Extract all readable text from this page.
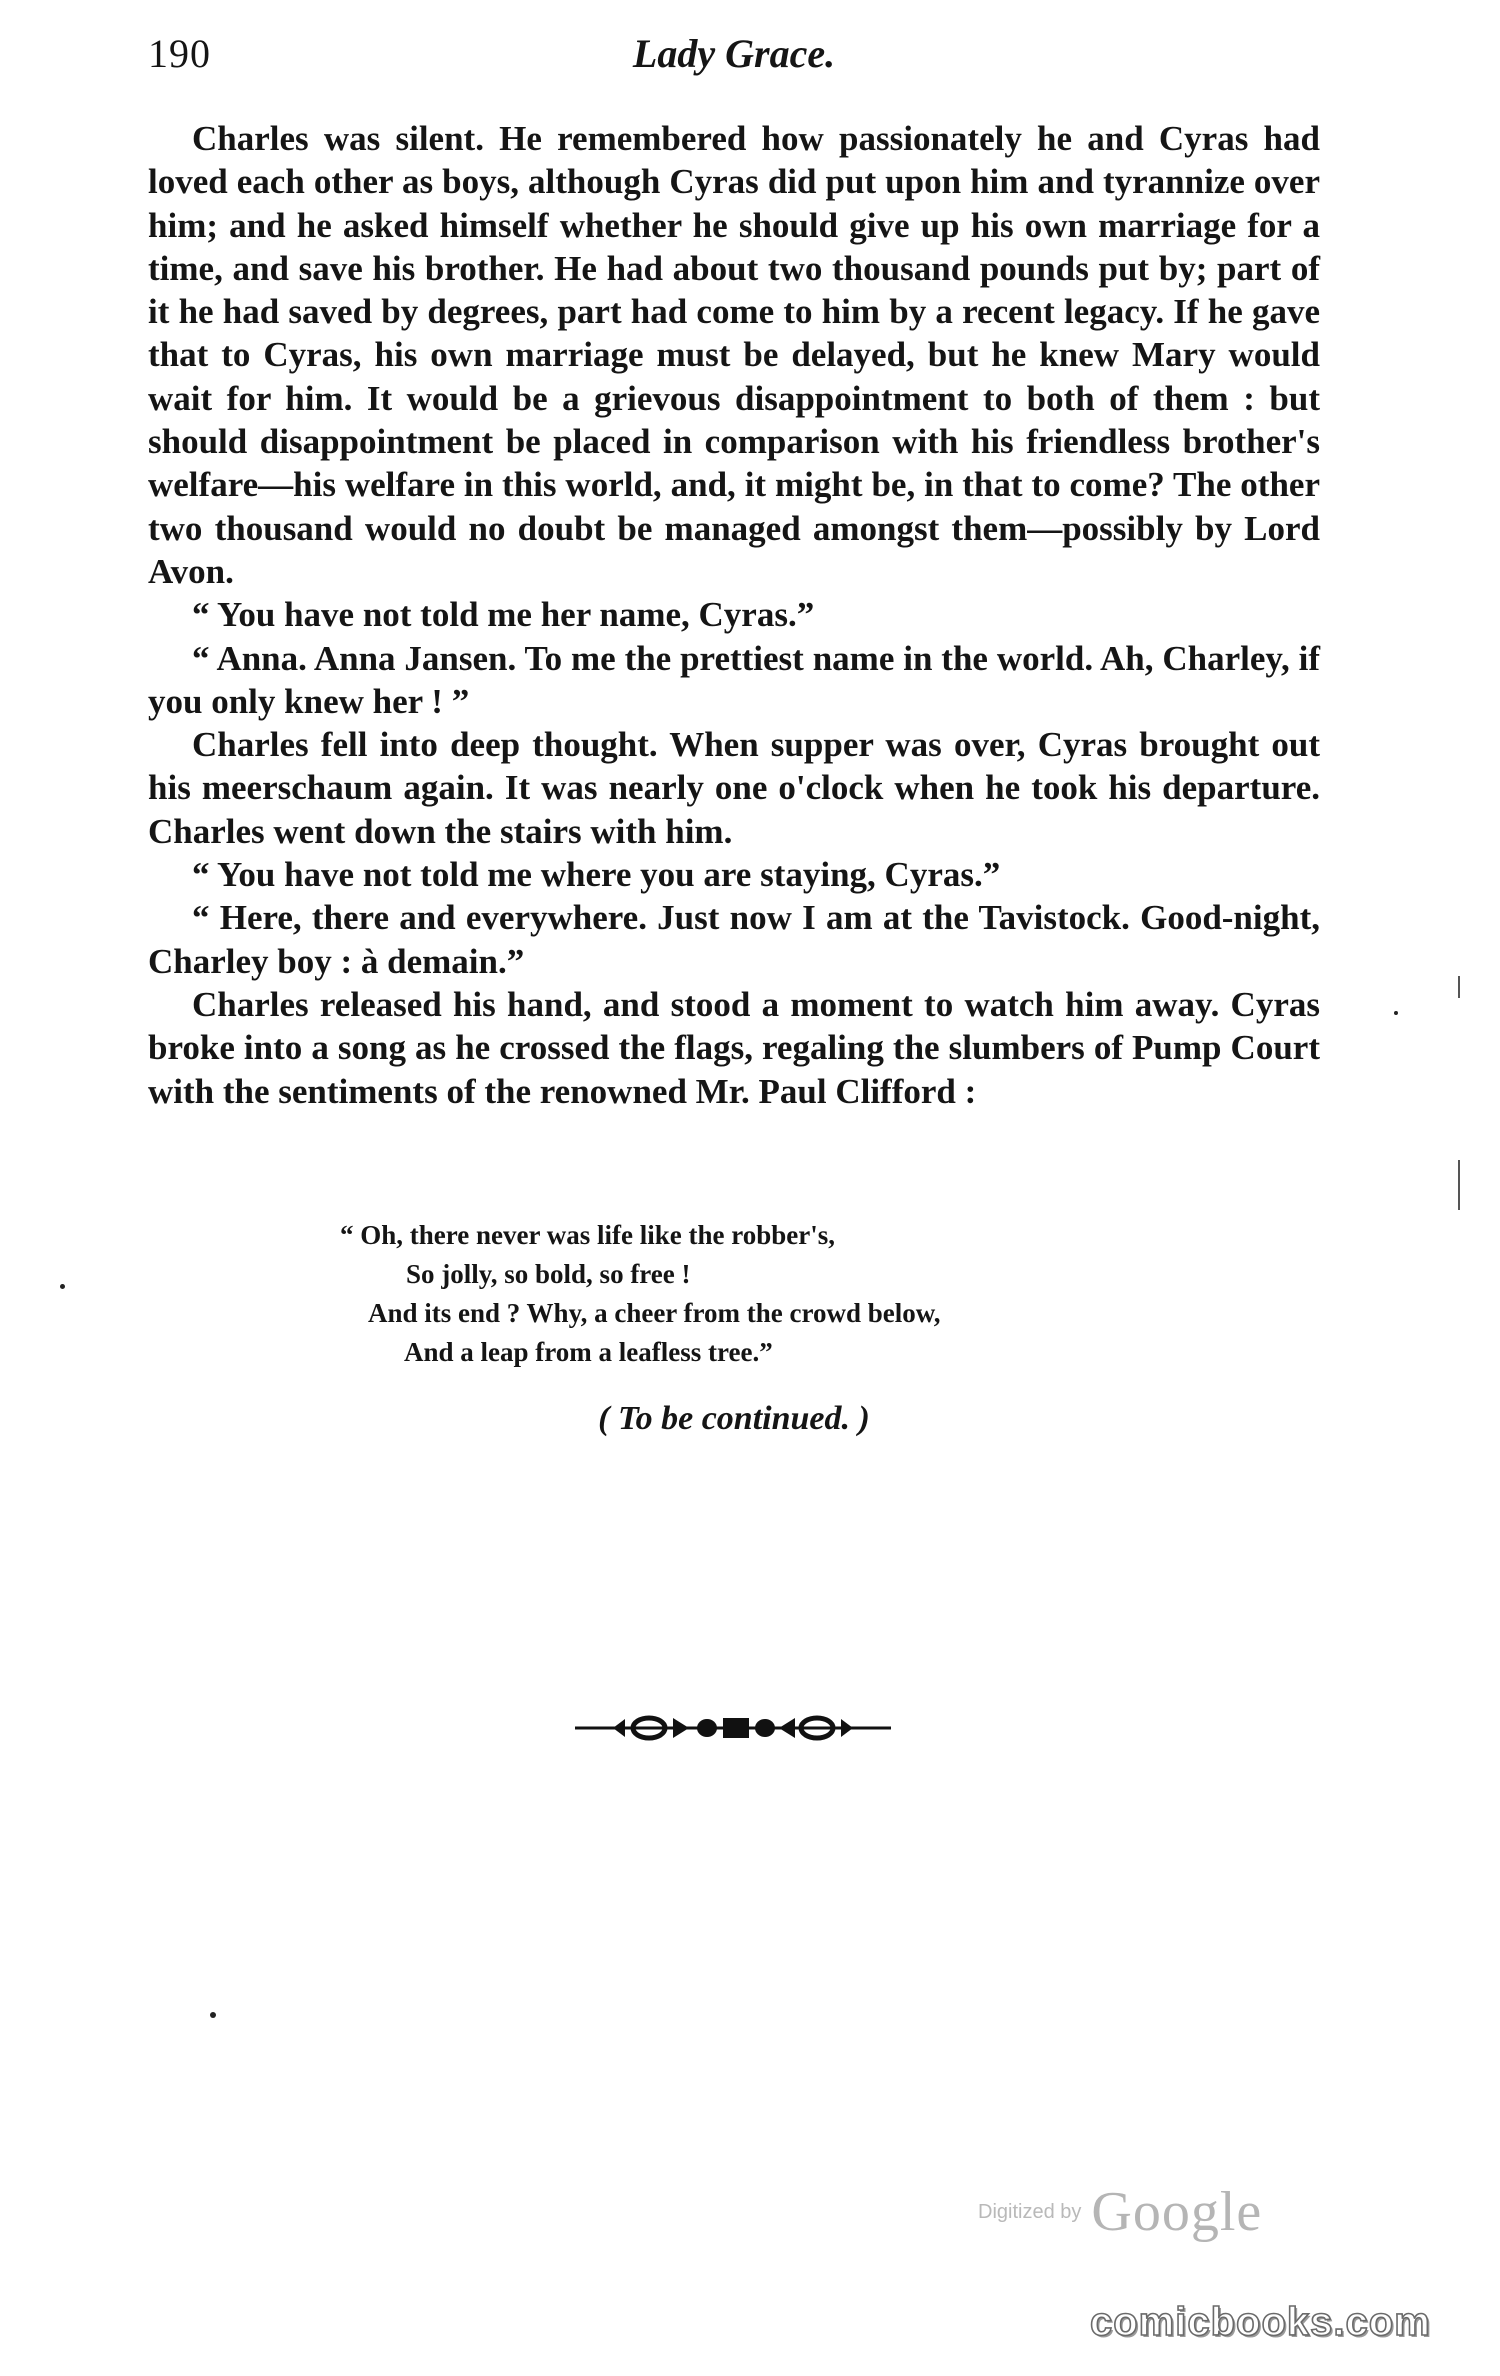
190	Lady Grace.

Charles was silent. He remembered how passionately he and Cyras had loved each other as boys, although Cyras did put upon him and tyrannize over him; and he asked himself whether he should give up his own marriage for a time, and save his brother. He had about two thousand pounds put by; part of it he had saved by degrees, part had come to him by a recent legacy. If he gave that to Cyras, his own marriage must be delayed, but he knew Mary would wait for him. It would be a grievous disappointment to both of them : but should disappointment be placed in comparison with his friendless brother's welfare—his welfare in this world, and, it might be, in that to come? The other two thousand would no doubt be managed amongst them—possibly by Lord Avon.

“ You have not told me her name, Cyras.”

“ Anna. Anna Jansen. To me the prettiest name in the world. Ah, Charley, if you only knew her ! ”

Charles fell into deep thought. When supper was over, Cyras brought out his meerschaum again. It was nearly one o'clock when he took his departure. Charles went down the stairs with him.

“ You have not told me where you are staying, Cyras.”

“ Here, there and everywhere. Just now I am at the Tavistock. Good-night, Charley boy : à demain.”

Charles released his hand, and stood a moment to watch him away. Cyras broke into a song as he crossed the flags, regaling the slumbers of Pump Court with the sentiments of the renowned Mr. Paul Clifford :

“ Oh, there never was life like the robber's,
So jolly, so bold, so free !
And its end ? Why, a cheer from the crowd below,
And a leap from a leafless tree.”
( To be continued. )
Digitized by Google
comicbooks.com
